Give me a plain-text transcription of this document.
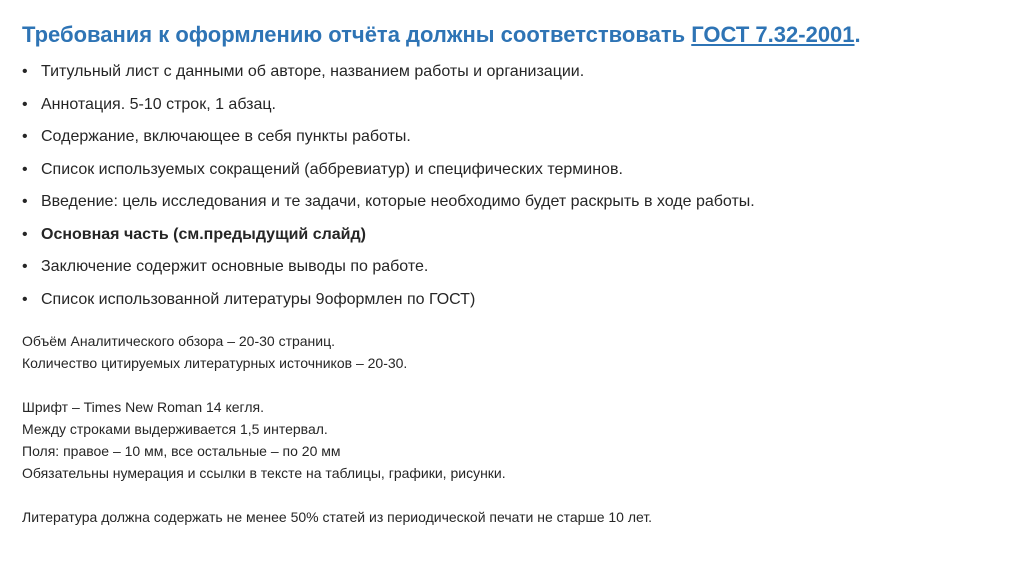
Требования к оформлению отчёта должны соответствовать ГОСТ 7.32-2001.
• Титульный лист с данными об авторе, названием работы и организации.
• Аннотация. 5-10 строк, 1 абзац.
• Содержание, включающее в себя пункты работы.
• Список используемых сокращений (аббревиатур) и специфических терминов.
• Введение: цель исследования и те задачи, которые необходимо будет раскрыть в ходе работы.
• Основная часть (см.предыдущий слайд)
• Заключение содержит основные выводы по работе.
• Список использованной литературы 9оформлен по ГОСТ)
Объём Аналитического обзора – 20-30 страниц.
Количество цитируемых литературных источников – 20-30.
Шрифт – Times New Roman 14 кегля.
Между строками выдерживается 1,5 интервал.
Поля: правое – 10 мм, все остальные – по 20 мм
Обязательны нумерация и ссылки в тексте на таблицы, графики, рисунки.
Литература должна содержать не менее 50% статей из периодической печати не старше 10 лет.
